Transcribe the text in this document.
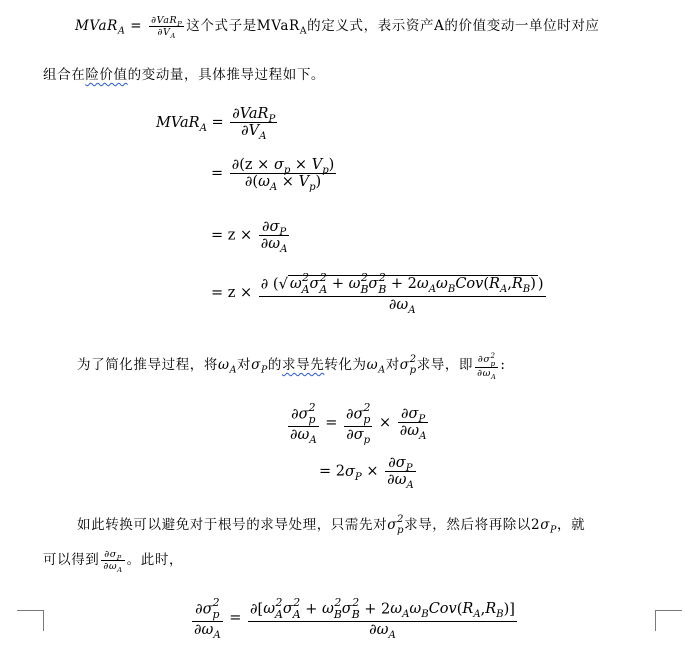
MVaR$_A$ = $\frac{\partial VaR_P}{\partial V_A}$ 这个式子是MVaR$_A$的定义式，表示资产A的价值变动一单位时对应
组合在险价值的变动量，具体推导过程如下。
MVaR$_A$ = $\frac{\partial VaR_P}{\partial V_A}$
= $\frac{\partial(z \times \sigma_p \times V_p)}{\partial(\omega_A \times V_p)}$
= $z \times \frac{\partial\sigma_P}{\partial\omega_A}$
= z × ∂ (√ ω 2
A σ 2
A + ω 2
B σ 2
$B + 2\omega_A\omega_BCov(R_A,R_B)$ )
$\partial\omega_A$
为了简化推导过程，将$\omega_A$对$\sigma_P$的求导先转化为$\omega_A$对σ 2
p 求导，即 ∂σ 2
p
$\partial\omega_A$ :
∂σ 2
p
$\partial\omega_A = \partial\sigma$ 2
p
$\partial\sigma_p \times \frac{\partial\sigma_P}{\partial\omega_A}$
= $2\sigma_P \times \frac{\partial\sigma_P}{\partial\omega_A}$
如此转换可以避免对于根号的求导处理，只需先对σ 2
p 求导，然后将再除以$2\sigma_P$，就
可以得到 $\frac{\partial\sigma_P}{\partial\omega_A}$ 。此时，
∂σ 2
p
$\partial\omega_A = \partial[\omega$ 2
A σ 2
A + ω 2
B σ 2
$B + 2\omega_A\omega_BCov(R_A,R_B)$]
$\partial\omega_A$
